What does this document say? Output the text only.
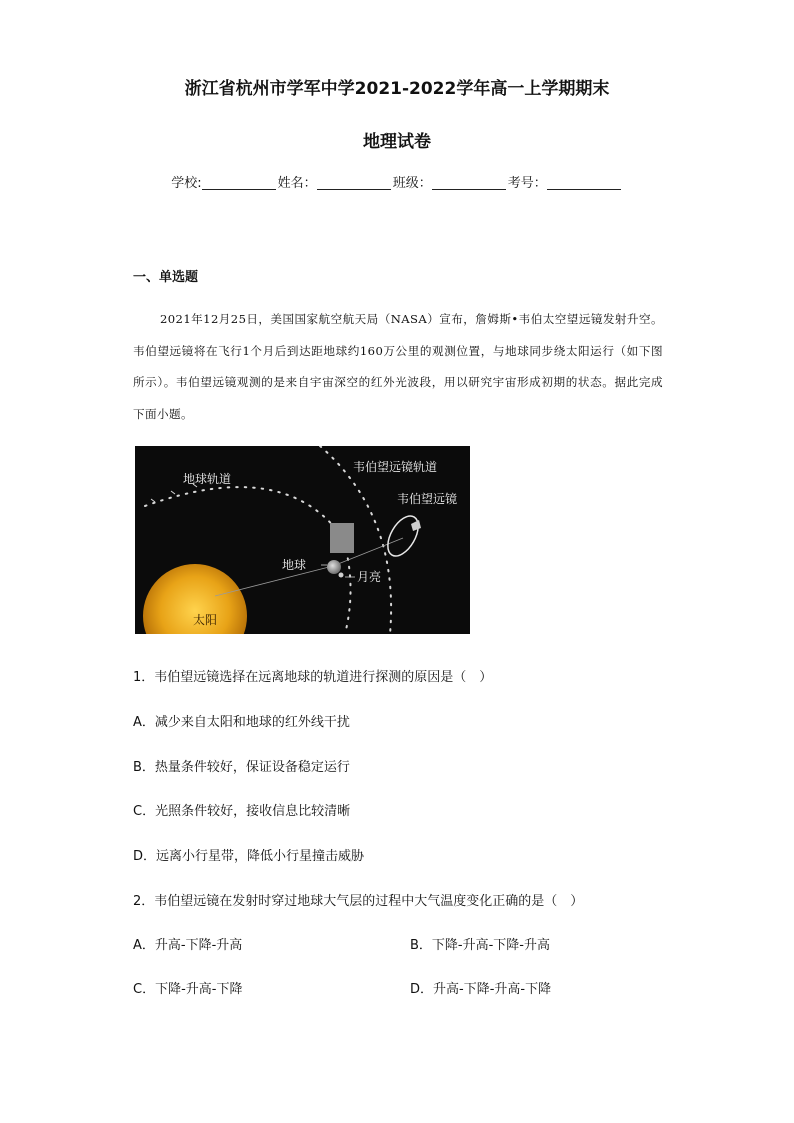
浙江省杭州市学军中学2021-2022学年高一上学期期末
地理试卷
学校:	姓名：	班级：	考号：
一、单选题
2021年12月25日，美国国家航空航天局（NASA）宣布，詹姆斯•韦伯太空望远镜发射升空。韦伯望远镜将在飞行1个月后到达距地球约160万公里的观测位置，与地球同步绕太阳运行（如下图所示）。韦伯望远镜观测的是来自宇宙深空的红外光波段，用以研究宇宙形成初期的状态。据此完成下面小题。
地球轨道
韦伯望远镜轨道
韦伯望远镜
地球
月亮
太阳
1．韦伯望远镜选择在远离地球的轨道进行探测的原因是（　）
A．减少来自太阳和地球的红外线干扰
B．热量条件较好，保证设备稳定运行
C．光照条件较好，接收信息比较清晰
D．远离小行星带，降低小行星撞击威胁
2．韦伯望远镜在发射时穿过地球大气层的过程中大气温度变化正确的是（　）
A．升高-下降-升高	B．下降-升高-下降-升高
C．下降-升高-下降	D．升高-下降-升高-下降
